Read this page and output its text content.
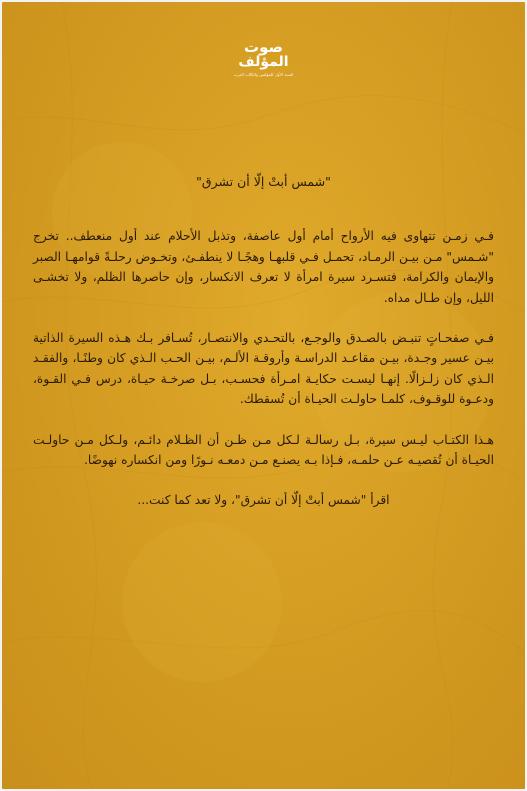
صوت
المؤلف
السند الأول للمؤلفين والكتّاب العرب

"شمس أبتْ إلّا أن تشرق"

فـي زمـن تتهاوى فيه الأرواح أمام أول عاصفة، وتذبل الأحلام عند أول منعطف.. تخرج "شـمس" مـن بيـن الرمـاد، تحمـل فـي قلبهـا وهجًـا لا ينطفـئ، وتخـوض رحلـةً قوامهـا الصبر والإيمان والكرامة، فتسـرد سيرة امرأة لا تعرف الانكسار، وإن حاصرها الظلم، ولا تخشـى الليل، وإن طـال مداه.

فـي صفحـاتٍ تنبـض بالصـدق والوجـع، بالتحـدي والانتصـار، تُسـافر بـك هـذه السيرة الذاتية بيـن عسير وجـدة، بيـن مقاعـد الدراسـة وأروقـة الألـم، بيـن الحـب الـذي كان وطنًـا، والفقـد الـذي كان زلـزالًا. إنهـا ليسـت حكايـة امـرأة فحسـب، بـل صرخـة حيـاة، درس فـي القـوة، ودعـوة للوقـوف، كلمـا حاولـت الحيـاة أن تُسقطك.

هـذا الكتـاب ليـس سيرة، بـل رسالـة لـكل مـن ظـن أن الظـلام دائـم، ولـكل مـن حاولـت الحيـاة أن تُقصيـه عـن حلمـه، فـإذا بـه يصنـع مـن دمعـه نـورًا ومن انكساره نهوضًا.

اقرأ "شمس أبتْ إلّا أن تشرق"، ولا تعد كما كنت...
